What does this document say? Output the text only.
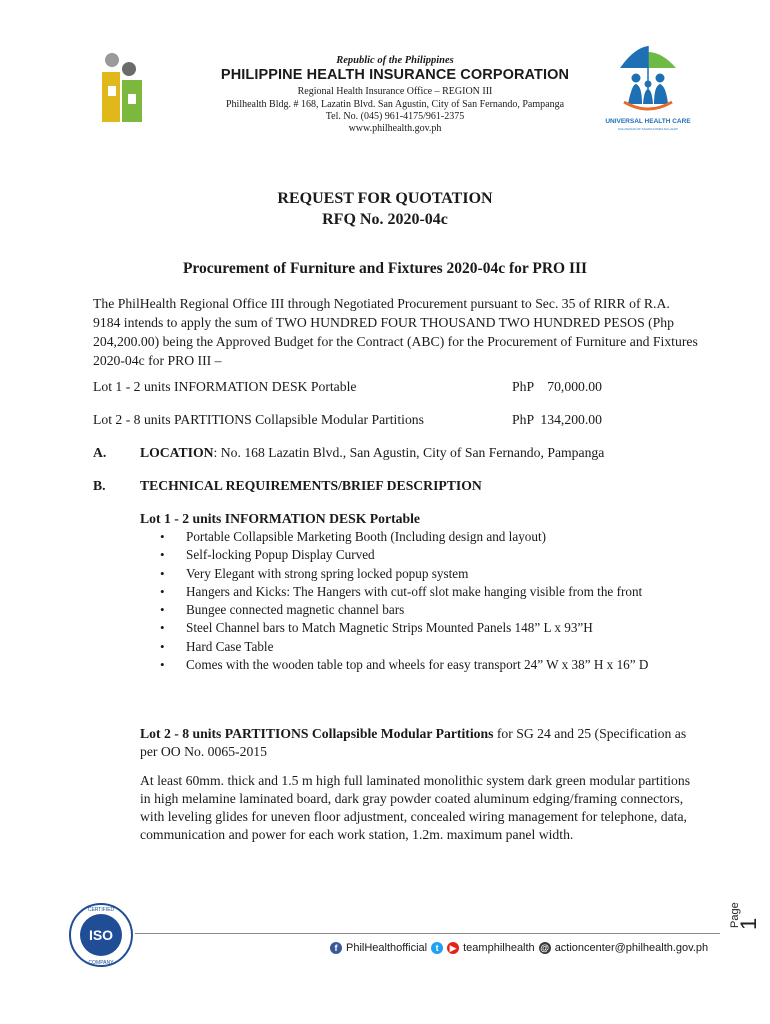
Republic of the Philippines
PHILIPPINE HEALTH INSURANCE CORPORATION
Regional Health Insurance Office – REGION III
Philhealth Bldg. # 168, Lazatin Blvd. San Agustin, City of San Fernando, Pampanga
Tel. No. (045) 961-4175/961-2375
www.philhealth.gov.ph
UNIVERSAL HEALTH CARE
KALUSUGAN AT KALINGA PARA SA LAHAT
REQUEST FOR QUOTATION
RFQ No. 2020-04c
Procurement of Furniture and Fixtures 2020-04c for PRO III
The PhilHealth Regional Office III through Negotiated Procurement pursuant to Sec. 35 of RIRR of R.A. 9184 intends to apply the sum of TWO HUNDRED FOUR THOUSAND TWO HUNDRED PESOS (Php 204,200.00) being the Approved Budget for the Contract (ABC) for the Procurement of Furniture and Fixtures 2020-04c for PRO III –
Lot 1 - 2 units INFORMATION DESK Portable	PhP    70,000.00
Lot 2 - 8 units PARTITIONS Collapsible Modular Partitions	PhP  134,200.00
A. LOCATION: No. 168 Lazatin Blvd., San Agustin, City of San Fernando, Pampanga
B.	TECHNICAL REQUIREMENTS/BRIEF DESCRIPTION
Lot 1 - 2 units INFORMATION DESK Portable
• Portable Collapsible Marketing Booth (Including design and layout)
• Self-locking Popup Display Curved
• Very Elegant with strong spring locked popup system
• Hangers and Kicks: The Hangers with cut-off slot make hanging visible from the front
• Bungee connected magnetic channel bars
• Steel Channel bars to Match Magnetic Strips Mounted Panels 148” L x 93”H
• Hard Case Table
• Comes with the wooden table top and wheels for easy transport 24” W x 38” H x 16” D
Lot 2 - 8 units PARTITIONS Collapsible Modular Partitions for SG 24 and 25 (Specification as per OO No. 0065-2015
At least 60mm. thick and 1.5 m high full laminated monolithic system dark green modular partitions in high melamine laminated board, dark gray powder coated aluminum edging/framing connectors, with leveling glides for uneven floor adjustment, concealed wiring management for telephone, data, communication and power for each work station, 1.2m. maximum panel width.
ISO
CERTIFIED
COMPANY
f PhilHealthofficial t	▶ teamphilhealth @ actioncenter@philhealth.gov.ph
Page
1
